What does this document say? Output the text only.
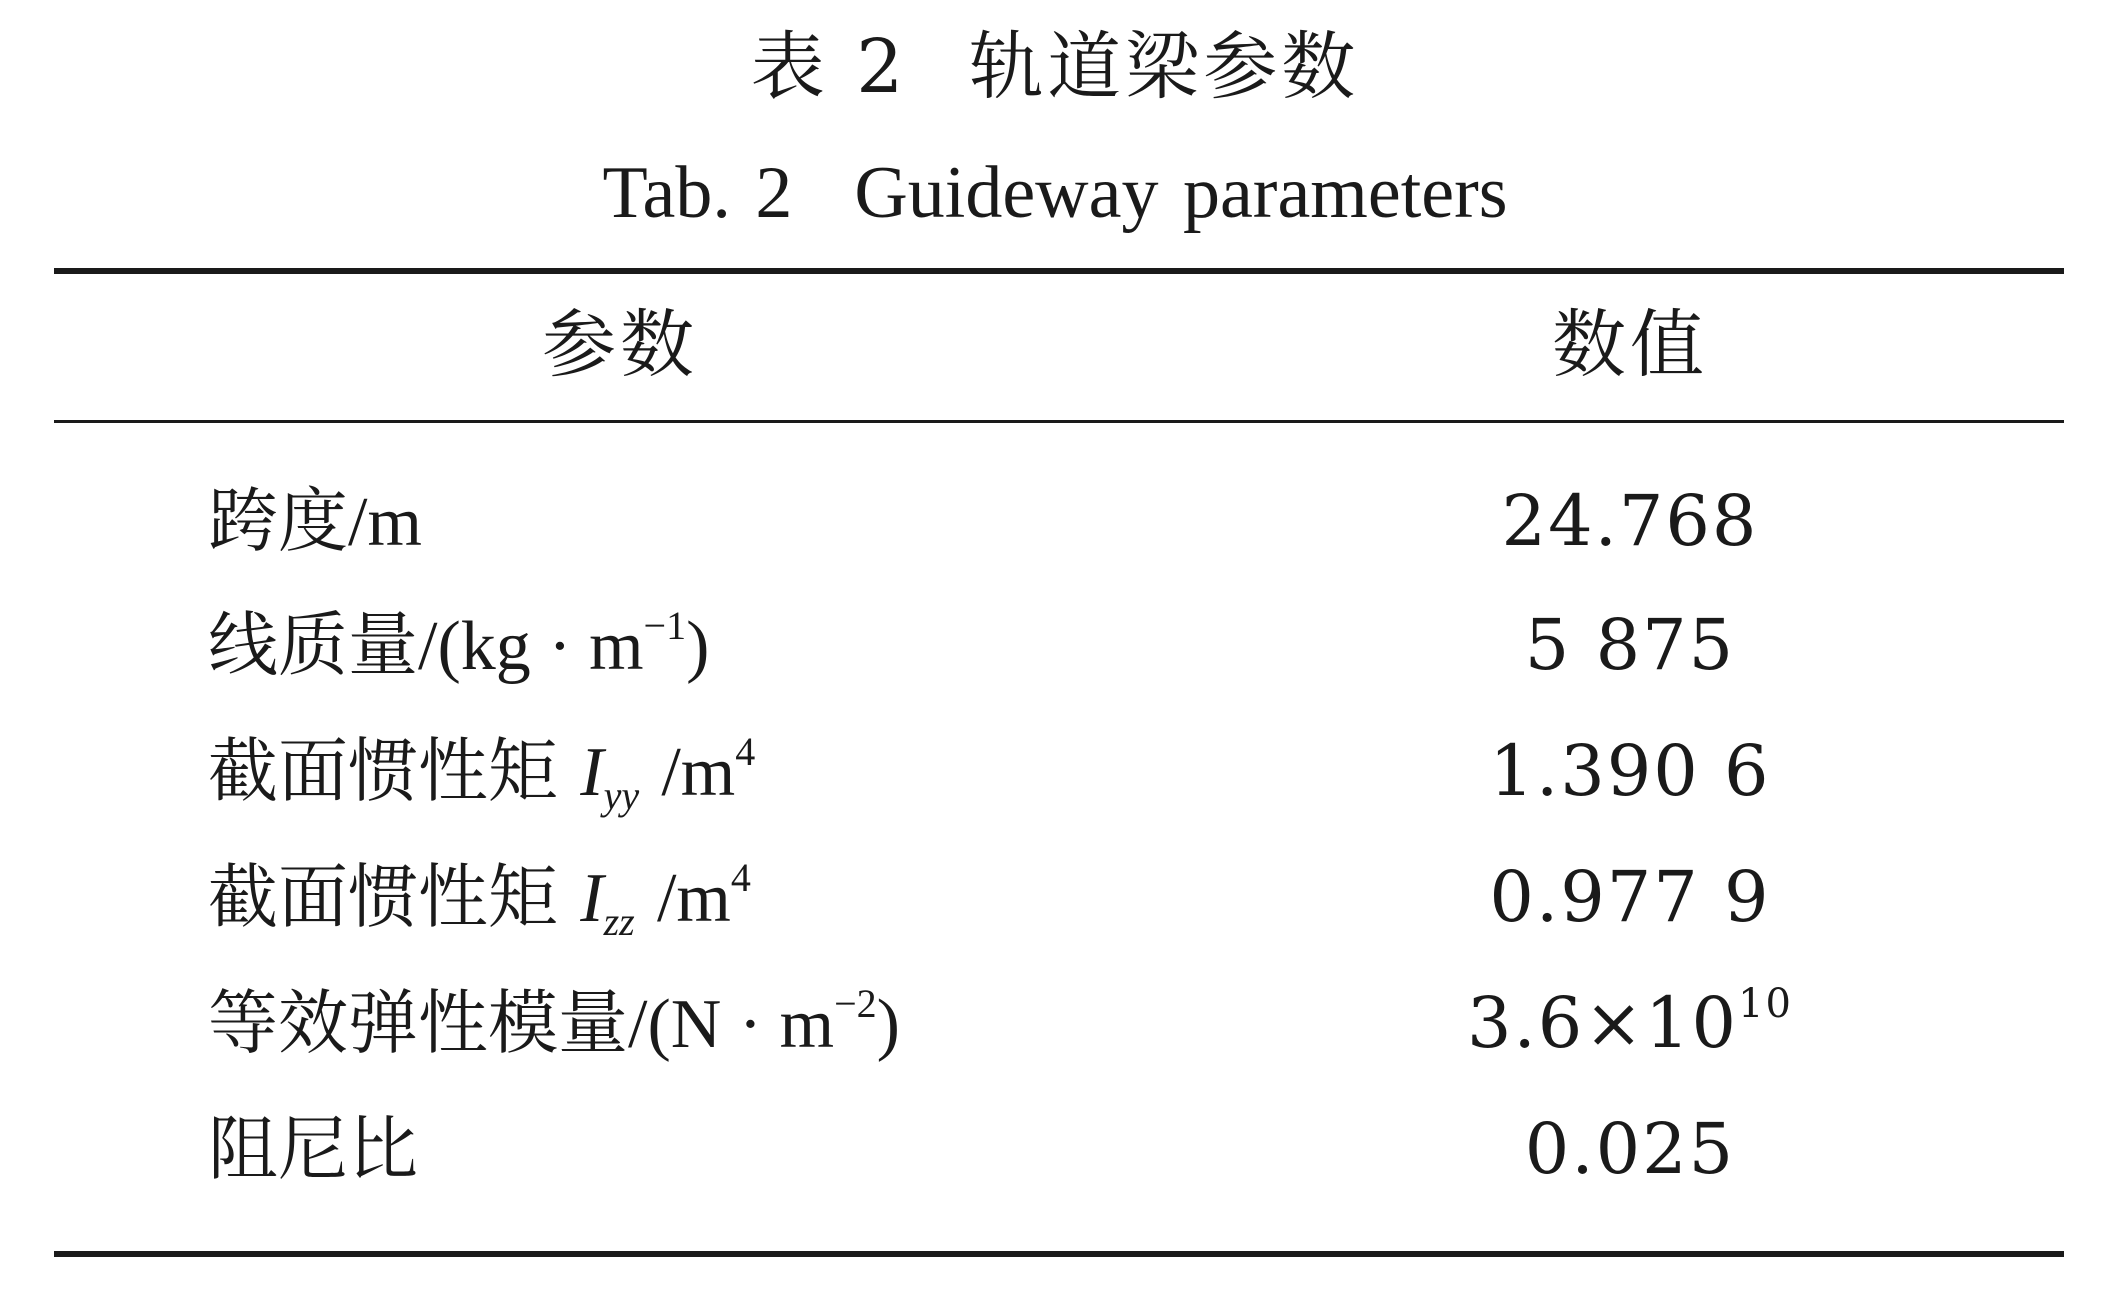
表 2 轨道梁参数
Tab. 2 Guideway parameters
参数	数值
跨度/m	24.768
线质量$/(kg \cdot m^{-1})$	5 875
截面惯性矩 $I_{yy}$ $/m^4$	1.390 6
截面惯性矩 $I_{zz}$ $/m^4$	0.977 9
等效弹性模量$/(N \cdot m^{-2})$	$3.6\times 10^{10}$
阻尼比	0.025
